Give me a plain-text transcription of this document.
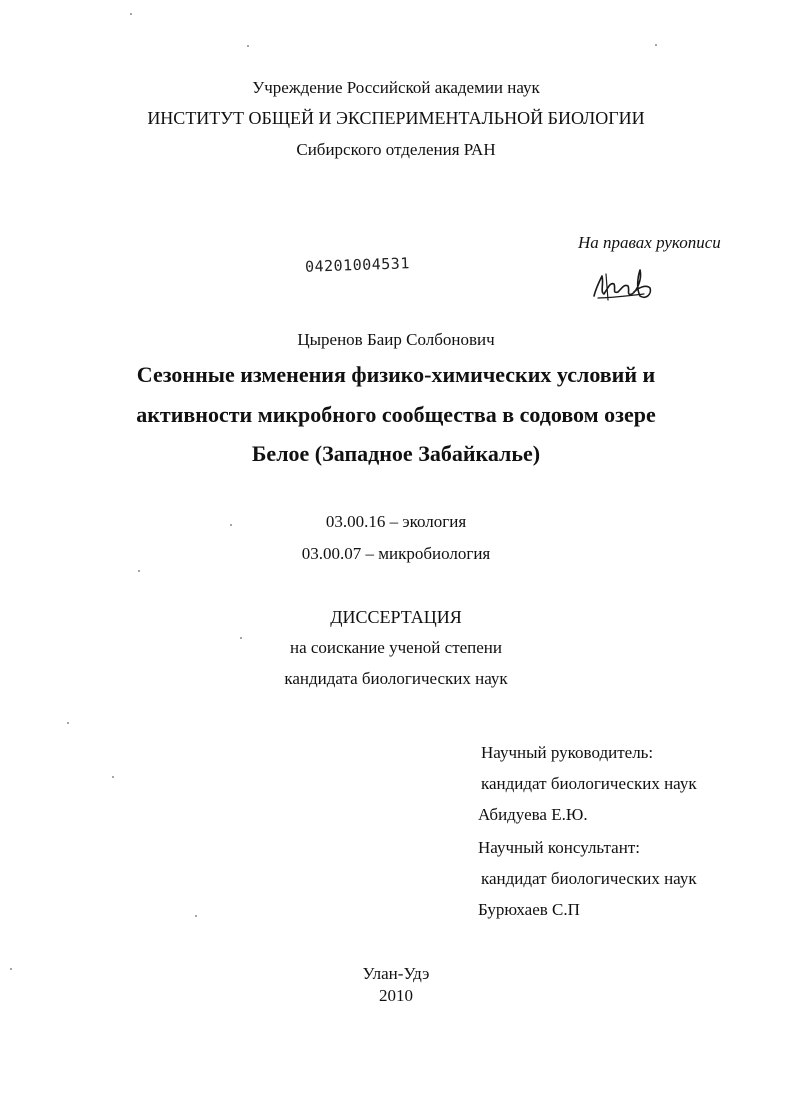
Учреждение Российской академии наук
ИНСТИТУТ ОБЩЕЙ И ЭКСПЕРИМЕНТАЛЬНОЙ БИОЛОГИИ
Сибирского отделения РАН
На правах рукописи
04201004531
Цыренов Баир Солбонович
Сезонные изменения физико-химических условий и
активности микробного сообщества в содовом озере
Белое (Западное Забайкалье)
03.00.16 – экология
03.00.07 – микробиология
ДИССЕРТАЦИЯ
на соискание ученой степени
кандидата биологических наук
Научный руководитель:
кандидат биологических наук
Абидуева Е.Ю.
Научный консультант:
кандидат биологических наук
Бурюхаев С.П
Улан-Удэ
2010
